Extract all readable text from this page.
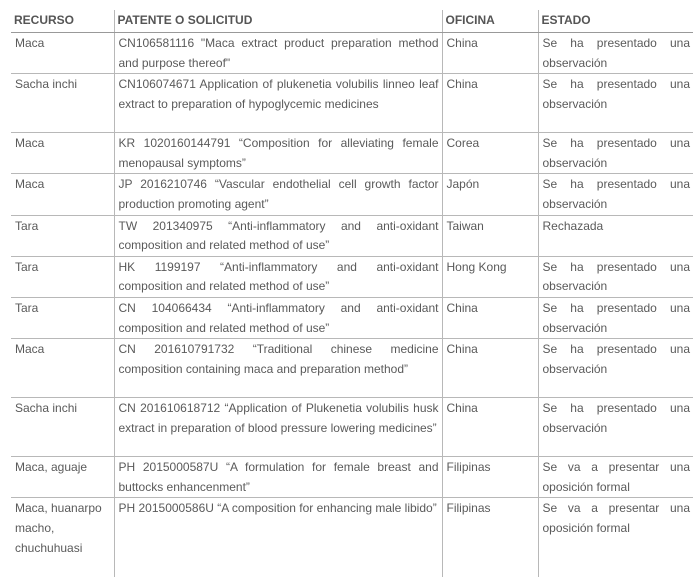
RECURSO	PATENTE O SOLICITUD	OFICINA	ESTADO
Maca	CN106581116 "Maca extract product preparation method and purpose thereof"	China	Se ha presentado una observación
Sacha inchi	CN106074671 Application of plukenetia volubilis linneo leaf extract to preparation of hypoglycemic medicines	China	Se ha presentado una observación
Maca	KR 1020160144791 “Composition for alleviating female menopausal symptoms”	Corea	Se ha presentado una observación
Maca	JP 2016210746 “Vascular endothelial cell growth factor production promoting agent”	Japón	Se ha presentado una observación
Tara	TW 201340975 “Anti-inflammatory and anti-oxidant composition and related method of use”	Taiwan	Rechazada
Tara	HK 1199197 “Anti-inflammatory and anti-oxidant composition and related method of use”	Hong Kong	Se ha presentado una observación
Tara	CN 104066434 “Anti-inflammatory and anti-oxidant composition and related method of use”	China	Se ha presentado una observación
Maca	CN 201610791732 “Traditional chinese medicine composition containing maca and preparation method”	China	Se ha presentado una observación
Sacha inchi	CN 201610618712 “Application of Plukenetia volubilis husk extract in preparation of blood pressure lowering medicines”	China	Se ha presentado una observación
Maca, aguaje	PH 2015000587U “A formulation for female breast and buttocks enhancenment”	Filipinas	Se va a presentar una oposición formal
Maca, huanarpo macho, chuchuhuasi	PH 2015000586U “A composition for enhancing male libido”	Filipinas	Se va a presentar una oposición formal
